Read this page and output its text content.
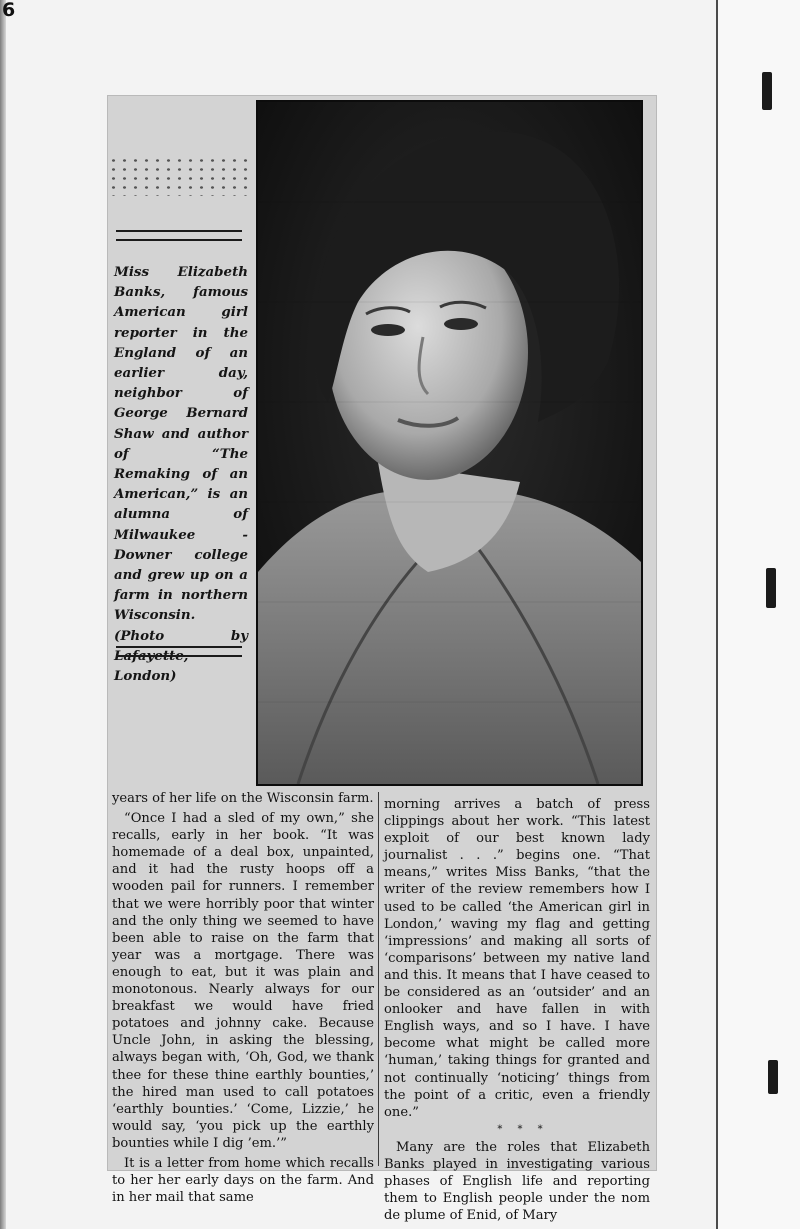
6

Miss Elizabeth Banks, famous American girl reporter in the England of an earlier day, neighbor of George Bernard Shaw and author of “The Remaking of an American,” is an alumna of Milwaukee - Downer college and grew up on a farm in northern Wisconsin. (Photo by Lafayette, London)

years of her life on the Wisconsin farm.

“Once I had a sled of my own,” she recalls, early in her book. “It was homemade of a deal box, unpainted, and it had the rusty hoops off a wooden pail for runners. I remember that we were horribly poor that winter and the only thing we seemed to have been able to raise on the farm that year was a mortgage. There was enough to eat, but it was plain and monotonous. Nearly always for our breakfast we would have fried potatoes and johnny cake. Because Uncle John, in asking the blessing, always began with, ‘Oh, God, we thank thee for these thine earthly bounties,’ the hired man used to call potatoes ‘earthly bounties.’ ‘Come, Lizzie,’ he would say, ‘you pick up the earthly bounties while I dig ’em.’”

It is a letter from home which recalls to her her early days on the farm. And in her mail that same

morning arrives a batch of press clippings about her work. “This latest exploit of our best known lady journalist . . .” begins one. “That means,” writes Miss Banks, “that the writer of the review remembers how I used to be called ‘the American girl in London,’ waving my flag and getting ‘impressions’ and making all sorts of ‘comparisons’ between my native land and this. It means that I have ceased to be considered as an ‘outsider’ and an onlooker and have fallen in with English ways, and so I have. I have become what might be called more ‘human,’ taking things for granted and not continually ‘noticing’ things from the point of a critic, even a friendly one.”

* * *

Many are the roles that Elizabeth Banks played in investigating various phases of English life and reporting them to English people under the nom de plume of Enid, of Mary
